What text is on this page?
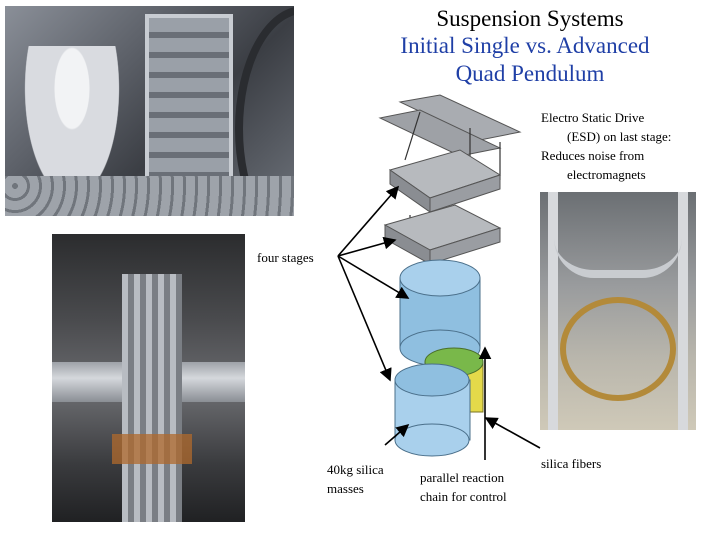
Suspension Systems
Initial Single vs. Advanced
Quad Pendulum
Electro Static Drive
(ESD) on last stage:
Reduces noise from
electromagnets
four stages
40kg silica
masses
parallel reaction
chain for control
silica fibers
